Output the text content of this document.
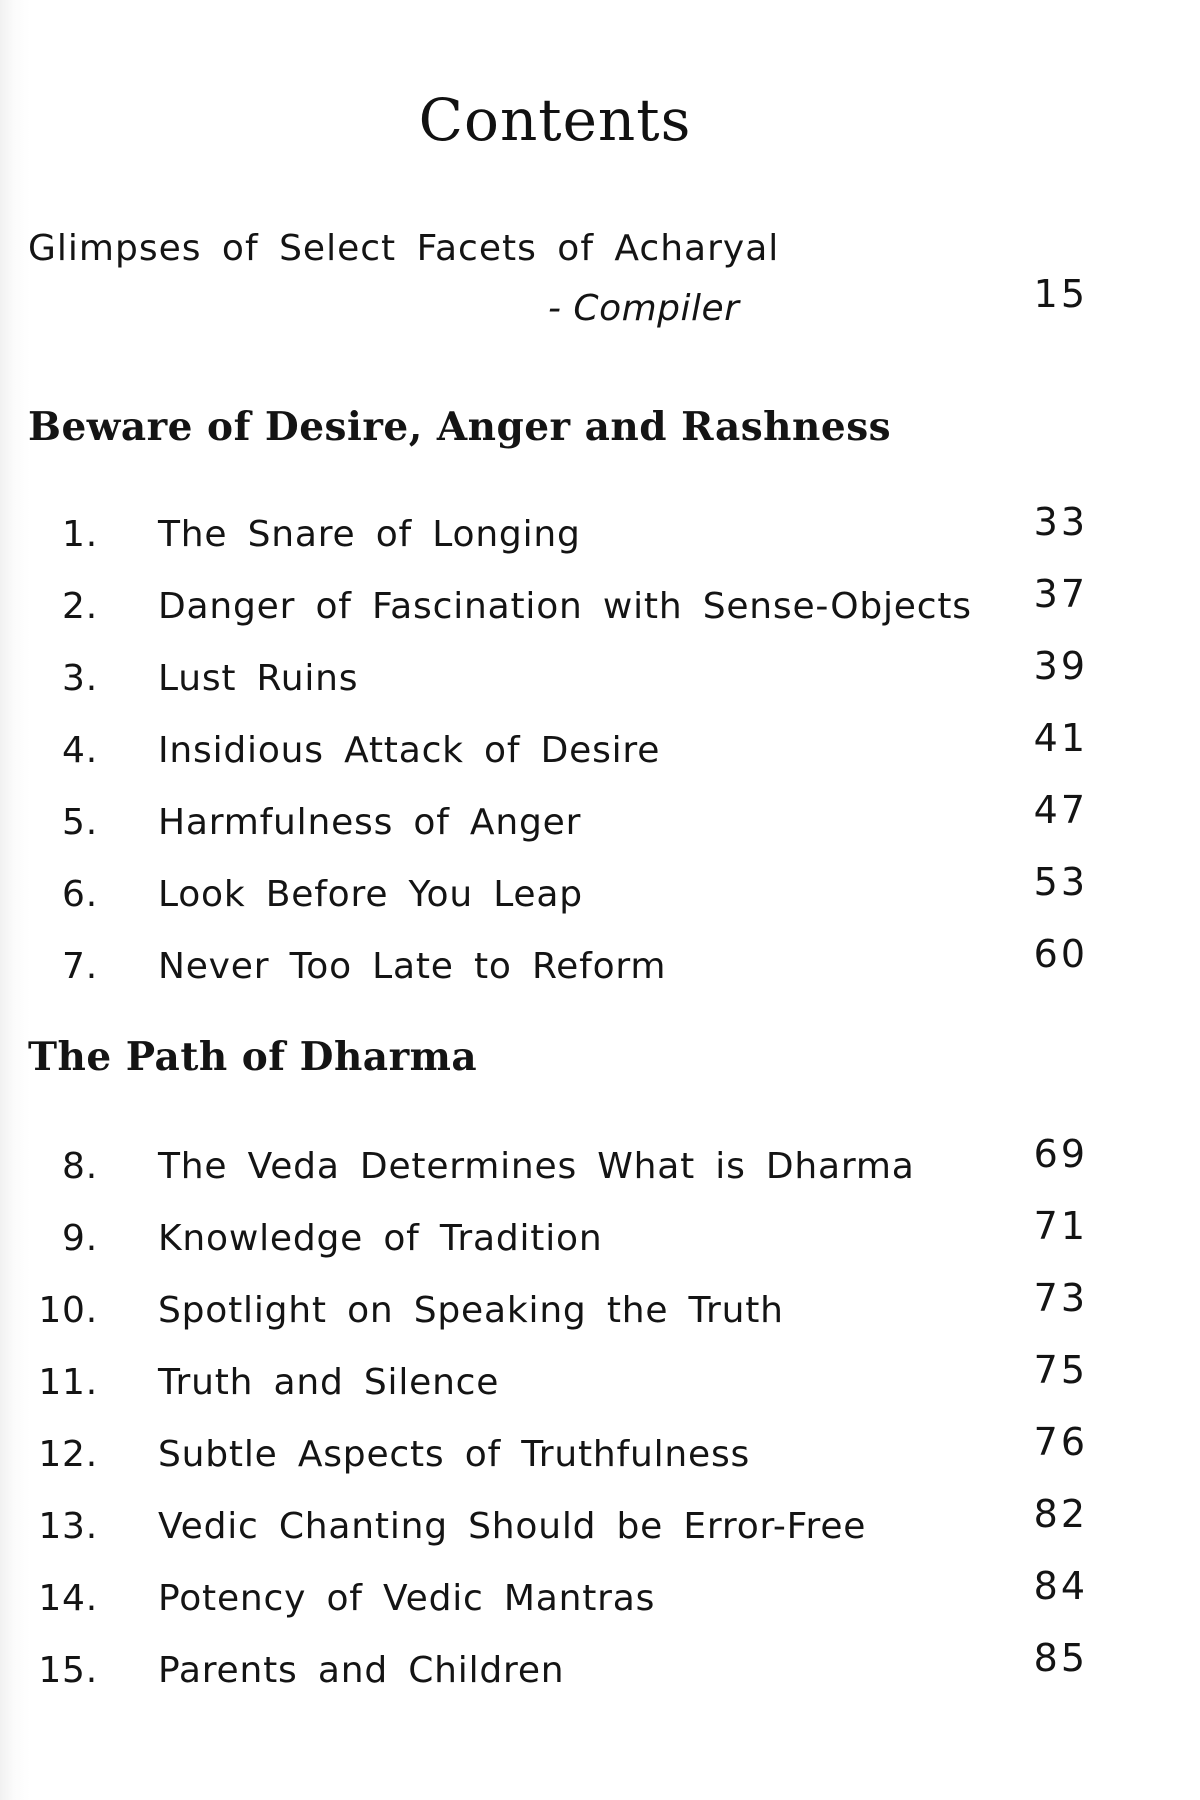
Contents
Glimpses of Select Facets of Acharyal
- Compiler	15
Beware of Desire, Anger and Rashness
1. The Snare of Longing	33
2. Danger of Fascination with Sense-Objects 37
3. Lust Ruins	39
4. Insidious Attack of Desire	41
5. Harmfulness of Anger	47
6. Look Before You Leap	53
7. Never Too Late to Reform	60
The Path of Dharma
8. The Veda Determines What is Dharma	69
9. Knowledge of Tradition	71
10. Spotlight on Speaking the Truth	73
11. Truth and Silence	75
12. Subtle Aspects of Truthfulness	76
13. Vedic Chanting Should be Error-Free	82
14. Potency of Vedic Mantras	84
15. Parents and Children	85
